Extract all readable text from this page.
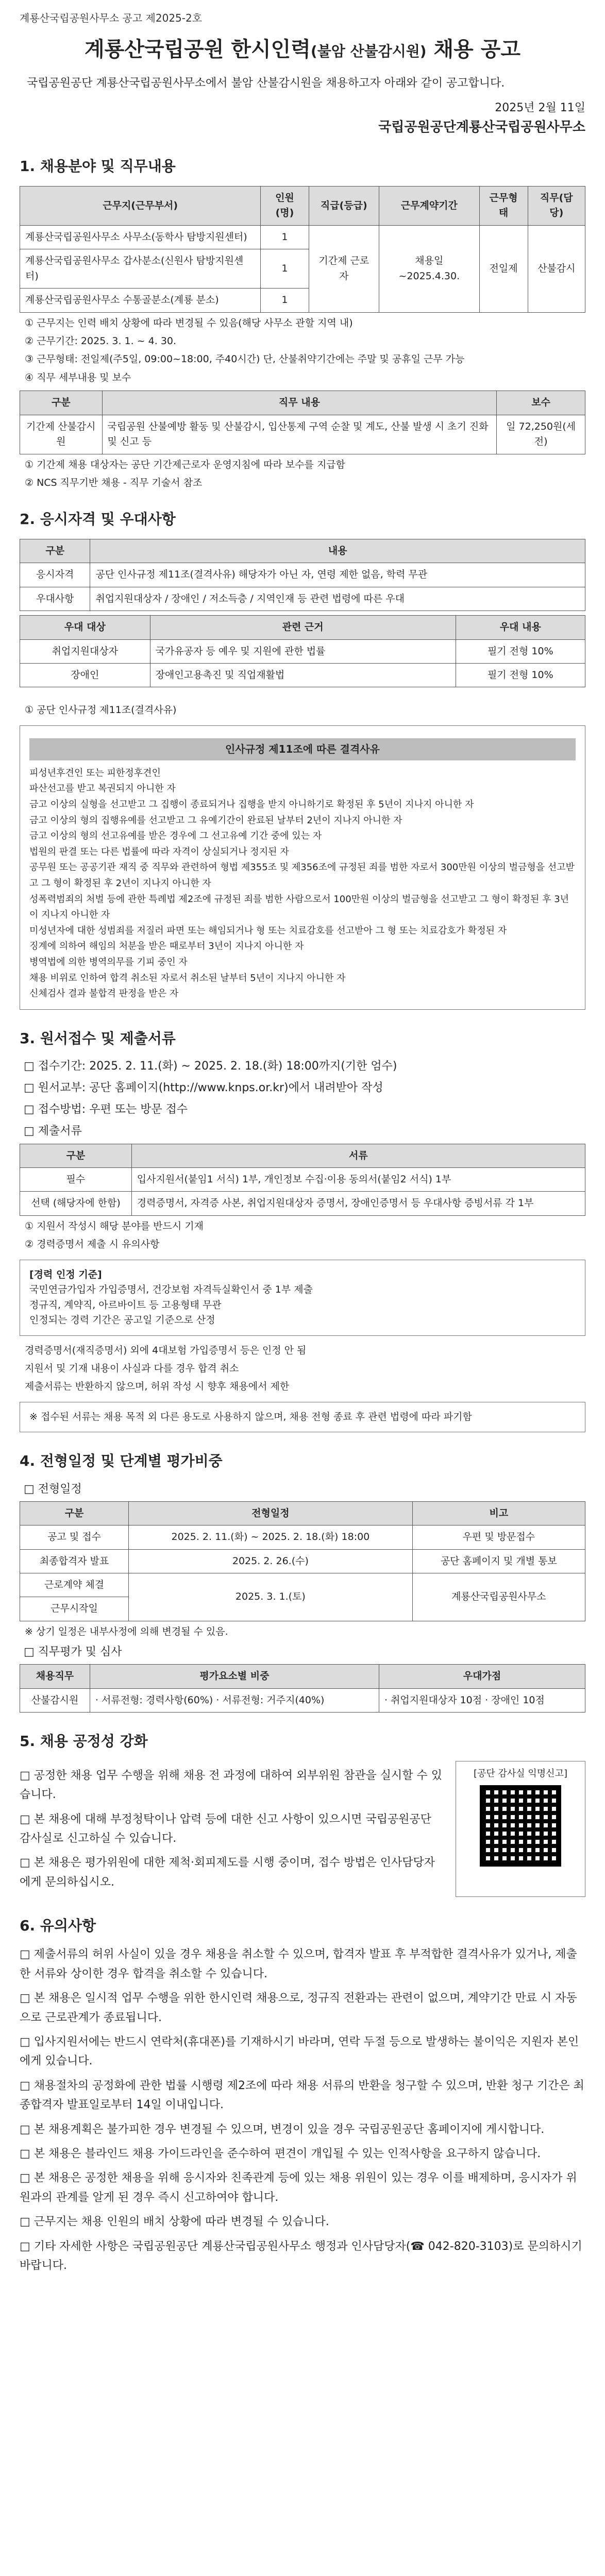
계룡산국립공원사무소 공고 제2025-2호
계룡산국립공원 한시인력(불암 산불감시원) 채용 공고

국립공원공단 계룡산국립공원사무소에서 불암 산불감시원을 채용하고자 아래와 같이 공고합니다.

2025년 2월 11일
국립공원공단계룡산국립공원사무소
1. 채용분야 및 직무내용
근무지(근무부서)	인원(명)	직급(등급)	근무계약기간	근무형태	직무(담당)
계룡산국립공원사무소 사무소(동학사 탐방지원센터)	1	기간제 근로자	채용일~2025.4.30.	전일제	산불감시
계룡산국립공원사무소 갑사분소(신원사 탐방지원센터)	1				
계룡산국립공원사무소 수통골분소(계룡 분소)	1				
① 근무지는 인력 배치 상황에 따라 변경될 수 있음(해당 사무소 관할 지역 내)
② 근무기간: 2025. 3. 1. ~ 4. 30.
③ 근무형태: 전일제(주5일, 09:00~18:00, 주40시간) 단, 산불취약기간에는 주말 및 공휴일 근무 가능
④ 직무 세부내용 및 보수
구분	직무 내용	보수
기간제 산불감시원	국립공원 산불예방 활동 및 산불감시, 입산통제 구역 순찰 및 계도, 산불 발생 시 초기 진화 및 신고 등	일 72,250원(세전)
① 기간제 채용 대상자는 공단 기간제근로자 운영지침에 따라 보수를 지급함
② NCS 직무기반 채용 - 직무 기술서 참조
2. 응시자격 및 우대사항
구분	내용
응시자격	공단 인사규정 제11조(결격사유) 해당자가 아닌 자, 연령 제한 없음, 학력 무관
우대사항	취업지원대상자 / 장애인 / 저소득층 / 지역인재 등 관련 법령에 따른 우대
우대 대상	관련 근거	우대 내용
취업지원대상자	국가유공자 등 예우 및 지원에 관한 법률	필기 전형 10%
장애인	장애인고용촉진 및 직업재활법	필기 전형 10%
① 공단 인사규정 제11조(결격사유)
인사규정 제11조에 따른 결격사유
피성년후견인 또는 피한정후견인
파산선고를 받고 복권되지 아니한 자
금고 이상의 실형을 선고받고 그 집행이 종료되거나 집행을 받지 아니하기로 확정된 후 5년이 지나지 아니한 자
금고 이상의 형의 집행유예를 선고받고 그 유예기간이 완료된 날부터 2년이 지나지 아니한 자
금고 이상의 형의 선고유예를 받은 경우에 그 선고유예 기간 중에 있는 자
법원의 판결 또는 다른 법률에 따라 자격이 상실되거나 정지된 자
공무원 또는 공공기관 재직 중 직무와 관련하여 형법 제355조 및 제356조에 규정된 죄를 범한 자로서 300만원 이상의 벌금형을 선고받고 그 형이 확정된 후 2년이 지나지 아니한 자
성폭력범죄의 처벌 등에 관한 특례법 제2조에 규정된 죄를 범한 사람으로서 100만원 이상의 벌금형을 선고받고 그 형이 확정된 후 3년이 지나지 아니한 자
미성년자에 대한 성범죄를 저질러 파면 또는 해임되거나 형 또는 치료감호를 선고받아 그 형 또는 치료감호가 확정된 자
징계에 의하여 해임의 처분을 받은 때로부터 3년이 지나지 아니한 자
병역법에 의한 병역의무를 기피 중인 자
채용 비위로 인하여 합격 취소된 자로서 취소된 날부터 5년이 지나지 아니한 자
신체검사 결과 불합격 판정을 받은 자
3. 원서접수 및 제출서류
□ 접수기간: 2025. 2. 11.(화) ~ 2025. 2. 18.(화) 18:00까지(기한 엄수)
□ 원서교부: 공단 홈페이지(http://www.knps.or.kr)에서 내려받아 작성
□ 접수방법: 우편 또는 방문 접수
□ 제출서류
구분	서류
필수	입사지원서(붙임1 서식) 1부, 개인정보 수집·이용 동의서(붙임2 서식) 1부
선택 (해당자에 한함)	경력증명서, 자격증 사본, 취업지원대상자 증명서, 장애인증명서 등 우대사항 증빙서류 각 1부
① 지원서 작성시 해당 분야를 반드시 기재
② 경력증명서 제출 시 유의사항
[경력 인정 기준]
국민연금가입자 가입증명서, 건강보험 자격득실확인서 중 1부 제출
정규직, 계약직, 아르바이트 등 고용형태 무관
인정되는 경력 기간은 공고일 기준으로 산정
경력증명서(재직증명서) 외에 4대보험 가입증명서 등은 인정 안 됨
지원서 및 기재 내용이 사실과 다를 경우 합격 취소
제출서류는 반환하지 않으며, 허위 작성 시 향후 채용에서 제한
※ 접수된 서류는 채용 목적 외 다른 용도로 사용하지 않으며, 채용 전형 종료 후 관련 법령에 따라 파기함
4. 전형일정 및 단계별 평가비중
□ 전형일정
구분	전형일정	비고
공고 및 접수	2025. 2. 11.(화) ~ 2025. 2. 18.(화) 18:00	우편 및 방문접수
최종합격자 발표	2025. 2. 26.(수)	공단 홈페이지 및 개별 통보
근로계약 체결	2025. 3. 1.(토)	계룡산국립공원사무소
근무시작일		
※ 상기 일정은 내부사정에 의해 변경될 수 있음.
□ 직무평가 및 심사
채용직무	평가요소별 비중	우대가점
산불감시원	· 서류전형: 경력사항(60%) · 서류전형: 거주지(40%)	· 취업지원대상자 10점 · 장애인 10점
5. 채용 공정성 강화
□ 공정한 채용 업무 수행을 위해 채용 전 과정에 대하여 외부위원 참관을 실시할 수 있습니다.
□ 본 채용에 대해 부정청탁이나 압력 등에 대한 신고 사항이 있으시면 국립공원공단 감사실로 신고하실 수 있습니다.
□ 본 채용은 평가위원에 대한 제척·회피제도를 시행 중이며, 접수 방법은 인사담당자에게 문의하십시오.
[공단 감사실 익명신고]
6. 유의사항
□ 제출서류의 허위 사실이 있을 경우 채용을 취소할 수 있으며, 합격자 발표 후 부적합한 결격사유가 있거나, 제출한 서류와 상이한 경우 합격을 취소할 수 있습니다.
□ 본 채용은 일시적 업무 수행을 위한 한시인력 채용으로, 정규직 전환과는 관련이 없으며, 계약기간 만료 시 자동으로 근로관계가 종료됩니다.
□ 입사지원서에는 반드시 연락처(휴대폰)를 기재하시기 바라며, 연락 두절 등으로 발생하는 불이익은 지원자 본인에게 있습니다.
□ 채용절차의 공정화에 관한 법률 시행령 제2조에 따라 채용 서류의 반환을 청구할 수 있으며, 반환 청구 기간은 최종합격자 발표일로부터 14일 이내입니다.
□ 본 채용계획은 불가피한 경우 변경될 수 있으며, 변경이 있을 경우 국립공원공단 홈페이지에 게시합니다.
□ 본 채용은 블라인드 채용 가이드라인을 준수하여 편견이 개입될 수 있는 인적사항을 요구하지 않습니다.
□ 본 채용은 공정한 채용을 위해 응시자와 친족관계 등에 있는 채용 위원이 있는 경우 이를 배제하며, 응시자가 위원과의 관계를 알게 된 경우 즉시 신고하여야 합니다.
□ 근무지는 채용 인원의 배치 상황에 따라 변경될 수 있습니다.
□ 기타 자세한 사항은 국립공원공단 계룡산국립공원사무소 행정과 인사담당자(☎ 042-820-3103)로 문의하시기 바랍니다.
